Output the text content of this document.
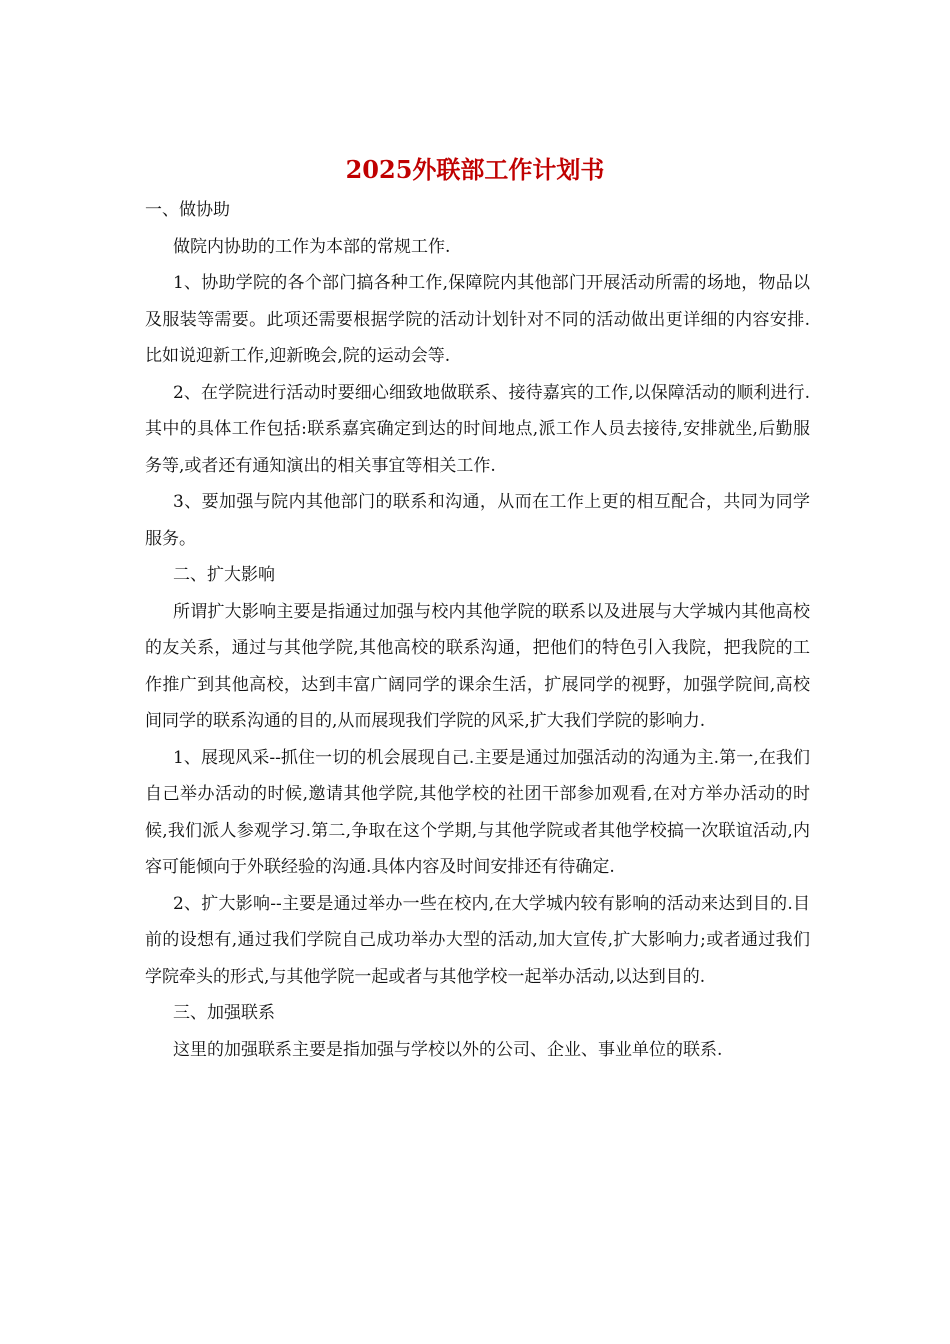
2025外联部工作计划书

一、做协助

做院内协助的工作为本部的常规工作.

1、协助学院的各个部门搞各种工作,保障院内其他部门开展活动所需的场地，物品以及服装等需要。此项还需要根据学院的活动计划针对不同的活动做出更详细的内容安排.比如说迎新工作,迎新晚会,院的运动会等.

2、在学院进行活动时要细心细致地做联系、接待嘉宾的工作,以保障活动的顺利进行.其中的具体工作包括:联系嘉宾确定到达的时间地点,派工作人员去接待,安排就坐,后勤服务等,或者还有通知演出的相关事宜等相关工作.

3、要加强与院内其他部门的联系和沟通，从而在工作上更的相互配合，共同为同学服务。

二、扩大影响

所谓扩大影响主要是指通过加强与校内其他学院的联系以及进展与大学城内其他高校的友关系，通过与其他学院,其他高校的联系沟通，把他们的特色引入我院，把我院的工作推广到其他高校，达到丰富广阔同学的课余生活，扩展同学的视野，加强学院间,高校间同学的联系沟通的目的,从而展现我们学院的风采,扩大我们学院的影响力.

1、展现风采--抓住一切的机会展现自己.主要是通过加强活动的沟通为主.第一,在我们自己举办活动的时候,邀请其他学院,其他学校的社团干部参加观看,在对方举办活动的时候,我们派人参观学习.第二,争取在这个学期,与其他学院或者其他学校搞一次联谊活动,内容可能倾向于外联经验的沟通.具体内容及时间安排还有待确定.

2、扩大影响--主要是通过举办一些在校内,在大学城内较有影响的活动来达到目的.目前的设想有,通过我们学院自己成功举办大型的活动,加大宣传,扩大影响力;或者通过我们学院牵头的形式,与其他学院一起或者与其他学校一起举办活动,以达到目的.

三、加强联系

这里的加强联系主要是指加强与学校以外的公司、企业、事业单位的联系.
